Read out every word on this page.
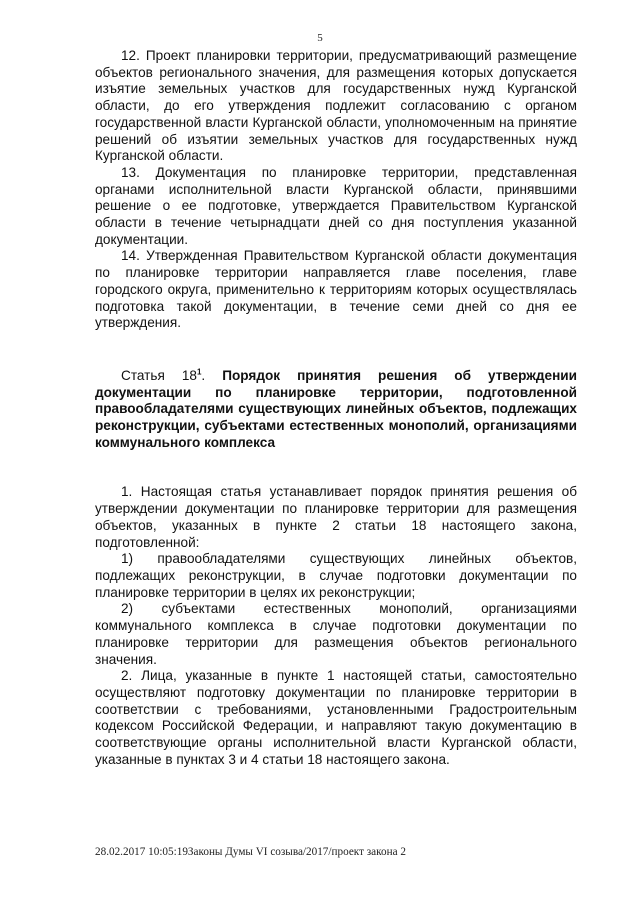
5

12. Проект планировки территории, предусматривающий размещение объектов регионального значения, для размещения которых допускается изъятие земельных участков для государственных нужд Курганской области, до его утверждения подлежит согласованию с органом государственной власти Курганской области, уполномоченным на принятие решений об изъятии земельных участков для государственных нужд Курганской области.

13. Документация по планировке территории, представленная органами исполнительной власти Курганской области, принявшими решение о ее подготовке, утверждается Правительством Курганской области в течение четырнадцати дней со дня поступления указанной документации.

14. Утвержденная Правительством Курганской области документация по планировке территории направляется главе поселения, главе городского округа, применительно к территориям которых осуществлялась подготовка такой документации, в течение семи дней со дня ее утверждения.

Статья $18^1$. Порядок принятия решения об утверждении документации по планировке территории, подготовленной правообладателями существующих линейных объектов, подлежащих реконструкции, субъектами естественных монополий, организациями коммунального комплекса

1. Настоящая статья устанавливает порядок принятия решения об утверждении документации по планировке территории для размещения объектов, указанных в пункте 2 статьи 18 настоящего закона, подготовленной:

1) правообладателями существующих линейных объектов, подлежащих реконструкции, в случае подготовки документации по планировке территории в целях их реконструкции;

2) субъектами естественных монополий, организациями коммунального комплекса в случае подготовки документации по планировке территории для размещения объектов регионального значения.

2. Лица, указанные в пункте 1 настоящей статьи, самостоятельно осуществляют подготовку документации по планировке территории в соответствии с требованиями, установленными Градостроительным кодексом Российской Федерации, и направляют такую документацию в соответствующие органы исполнительной власти Курганской области, указанные в пунктах 3 и 4 статьи 18 настоящего закона.

28.02.2017 10:05:19Законы Думы VI созыва/2017/проект закона 2
